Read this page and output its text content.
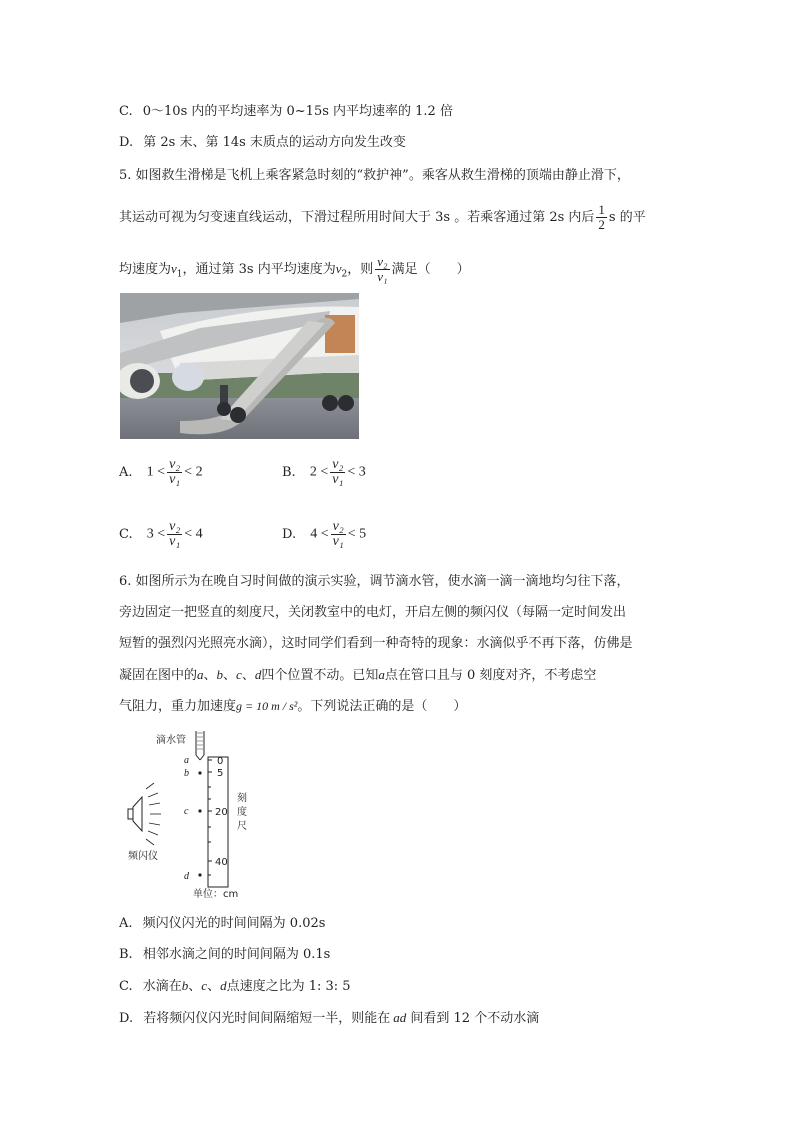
C. 0～10s 内的平均速率为 0~15s 内平均速率的 1.2 倍
D. 第 2s 末、第 14s 末质点的运动方向发生改变
5. 如图救生滑梯是飞机上乘客紧急时刻的“救护神”。乘客从救生滑梯的顶端由静止滑下，
其运动可视为匀变速直线运动，下滑过程所用时间大于 3s 。若乘客通过第 2s 内后 $\frac{1}{2}$ s 的平
均速度为$v_1$，通过第 3s 内平均速度为$v_2$，则 $\frac{\text{v₂}}{\text{v₁}}$ 满足（　　）
A. $1 < \frac{\text{v₂}}{\text{v₁}} < 2$	B. $2 < \frac{\text{v₂}}{\text{v₁}} < 3$
C. $3 < \frac{\text{v₂}}{\text{v₁}} < 4$	D. $4 < \frac{\text{v₂}}{\text{v₁}} < 5$
6. 如图所示为在晚自习时间做的演示实验，调节滴水管，使水滴一滴一滴地均匀往下落，
旁边固定一把竖直的刻度尺，关闭教室中的电灯，开启左侧的频闪仪（每隔一定时间发出
短暂的强烈闪光照亮水滴），这时同学们看到一种奇特的现象：水滴似乎不再下落，仿佛是
凝固在图中的a、b、c、d四个位置不动。已知a点在管口且与 0 刻度对齐，不考虑空
气阻力，重力加速度g = 10 m / s²。下列说法正确的是（　　）
滴水管
a
b
c
d
0
5
20
40
刻
度
尺
频闪仪
单位：cm
A. 频闪仪闪光的时间间隔为 0.02s
B. 相邻水滴之间的时间间隔为 0.1s
C. 水滴在b、c、d点速度之比为 1: 3: 5
D. 若将频闪仪闪光时间间隔缩短一半，则能在 ad 间看到 12 个不动水滴
